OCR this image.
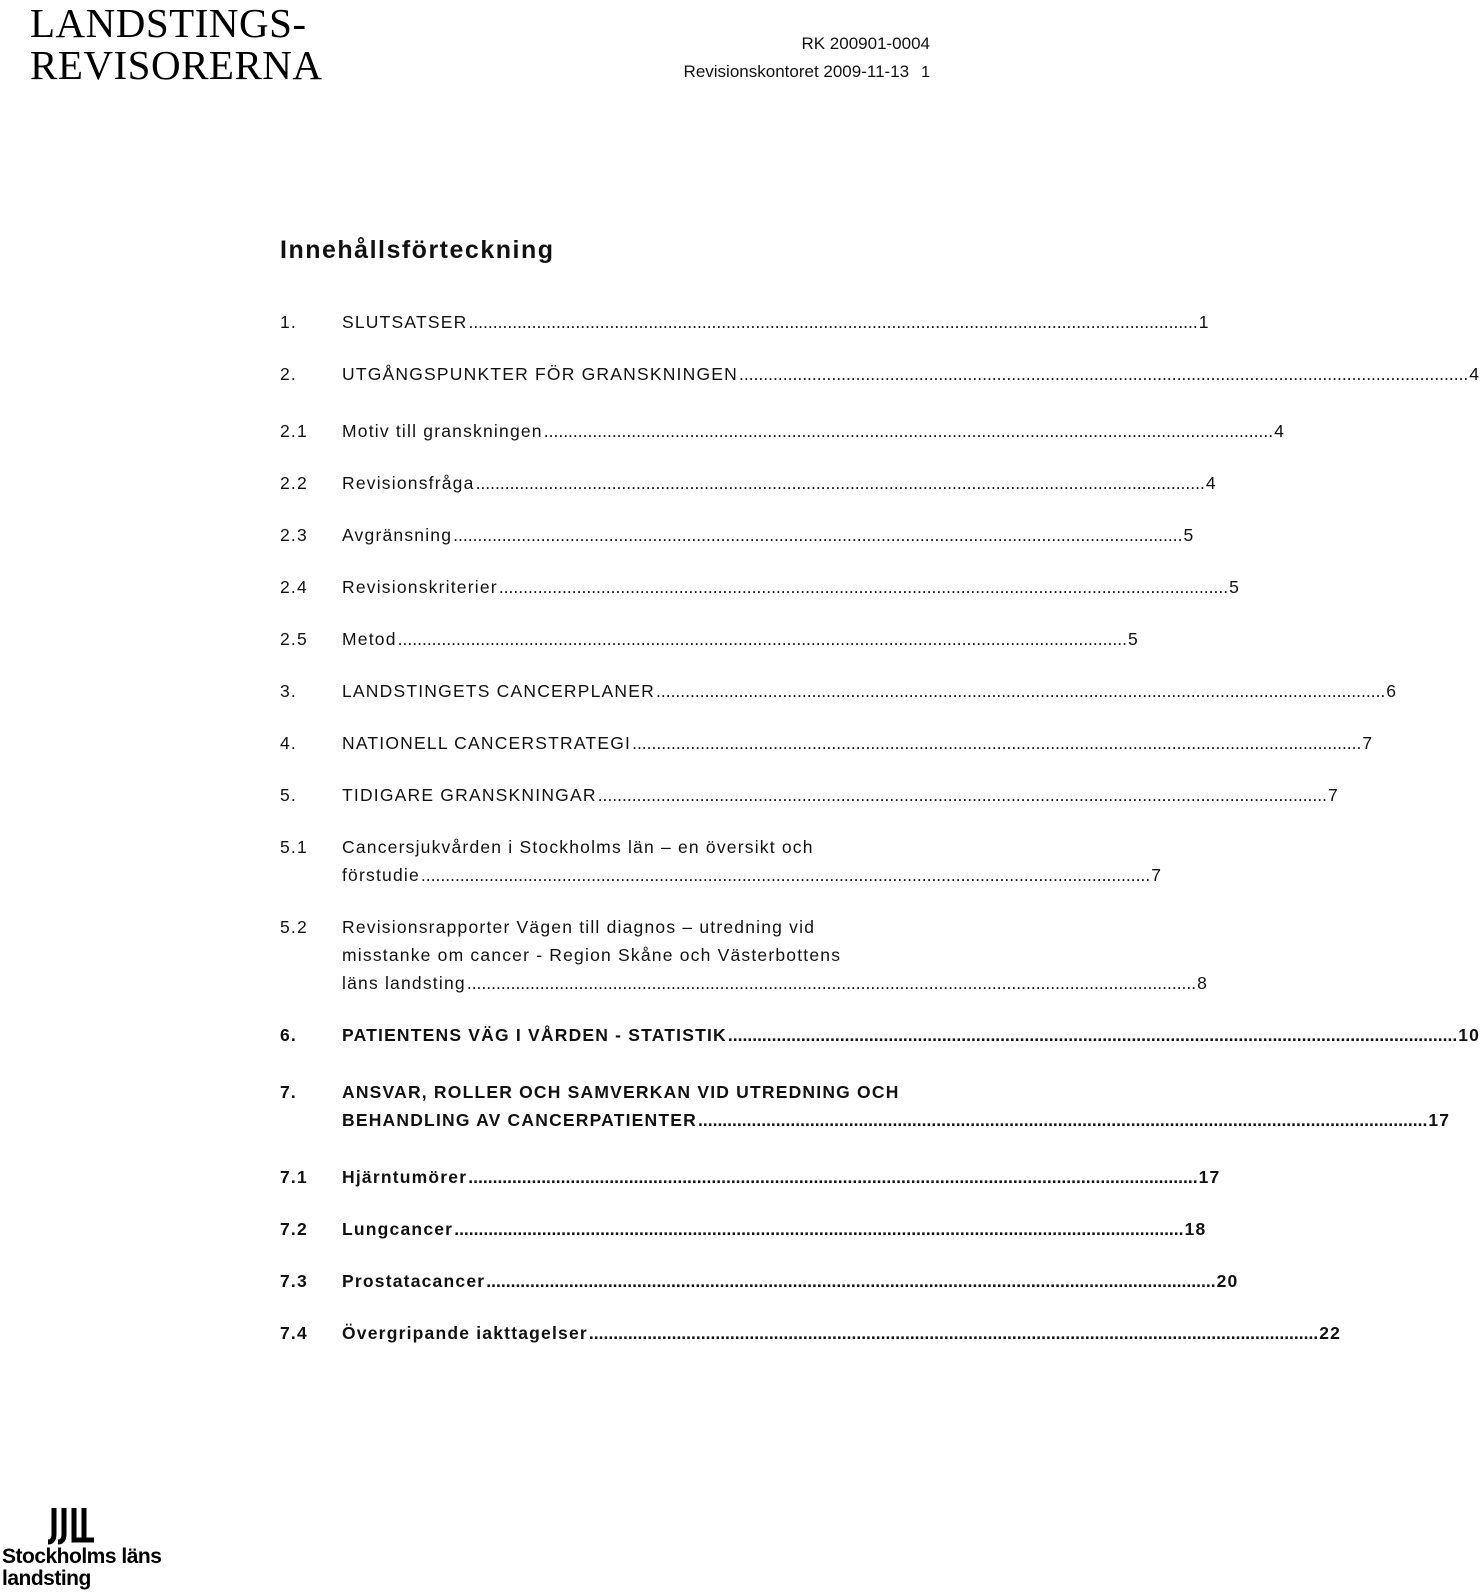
LANDSTINGS-
REVISORERNA	RK 200901-0004
Revisionskontoret 2009-11-13 1
Innehållsförteckning
1.	SLUTSATSER .....	1
2.	UTGÅNGSPUNKTER FÖR GRANSKNINGEN .....	4
2.1	Motiv till granskningen .....	4
2.2	Revisionsfråga .....	4
2.3	Avgränsning .....	5
2.4	Revisionskriterier .....	5
2.5	Metod .....	5
3.	LANDSTINGETS CANCERPLANER .....	6
4.	NATIONELL CANCERSTRATEGI .....	7
5.	TIDIGARE GRANSKNINGAR .....	7
5.1	Cancersjukvården i Stockholms län – en översikt och
förstudie .....	7
5.2	Revisionsrapporter Vägen till diagnos – utredning vid
misstanke om cancer - Region Skåne och Västerbottens
läns landsting .....	8
6.	PATIENTENS VÄG I VÅRDEN - STATISTIK .....	10
7.	ANSVAR, ROLLER OCH SAMVERKAN VID UTREDNING OCH
BEHANDLING AV CANCERPATIENTER .....	17
7.1	Hjärntumörer .....	17
7.2	Lungcancer .....	18
7.3	Prostatacancer .....	20
7.4	Övergripande iakttagelser .....	22
Stockholms läns
landsting
